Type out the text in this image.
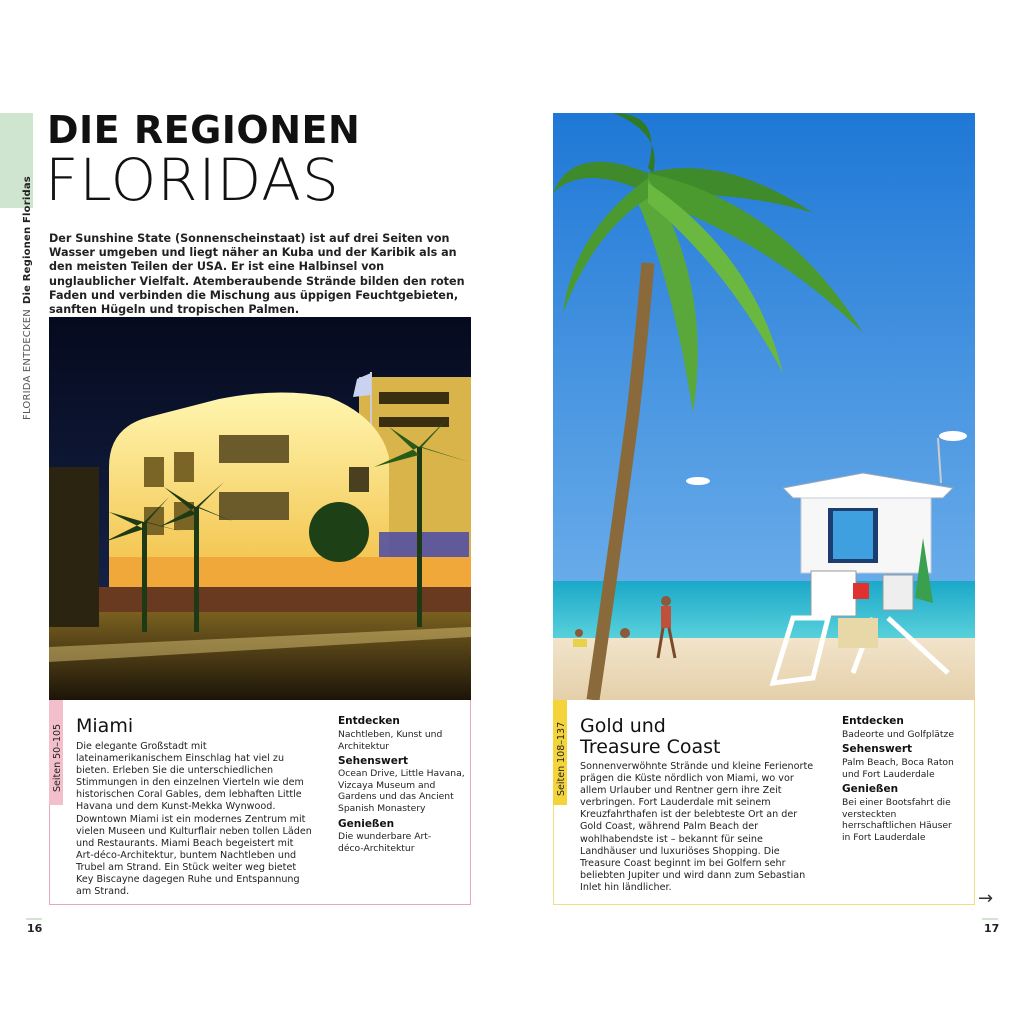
FLORIDA ENTDECKENDie Regionen Floridas
DIE REGIONEN
FLORIDAS
Der Sunshine State (Sonnenscheinstaat) ist auf drei Seiten von Wasser umgeben und liegt näher an Kuba und der Karibik als an den meisten Teilen der USA. Er ist eine Halbinsel von unglaublicher Vielfalt. Atemberaubende Strände bilden den roten Faden und verbinden die Mischung aus üppigen Feuchtgebieten, sanften Hügeln und tropischen Palmen.
Seiten 50–105 Miami
Die elegante Großstadt mit lateinamerikanischem Einschlag hat viel zu bieten. Erleben Sie die unterschiedlichen Stimmungen in den einzelnen Vierteln wie dem historischen Coral Gables, dem lebhaften Little Havana und dem Kunst-Mekka Wynwood. Downtown Miami ist ein modernes Zentrum mit vielen Museen und Kulturflair neben tollen Läden und Restaurants. Miami Beach begeistert mit Art-déco-Architektur, buntem Nachtleben und Trubel am Strand. Ein Stück weiter weg bietet Key Biscayne dagegen Ruhe und Entspannung am Strand.
Entdecken
Nachtleben, Kunst und Architektur
Sehenswert
Ocean Drive, Little Havana, Vizcaya Museum and Gardens und das Ancient Spanish Monastery
Genießen
Die wunderbare Art-déco-Architektur
16
Seiten 108–137 Gold und
Treasure Coast
Sonnenverwöhnte Strände und kleine Ferienorte prägen die Küste nördlich von Miami, wo vor allem Urlauber und Rentner gern ihre Zeit verbringen. Fort Lauderdale mit seinem Kreuzfahrthafen ist der belebteste Ort an der Gold Coast, während Palm Beach der wohlhabendste ist – bekannt für seine Landhäuser und luxuriöses Shopping. Die Treasure Coast beginnt im bei Golfern sehr beliebten Jupiter und wird dann zum Sebastian Inlet hin ländlicher.
Entdecken
Badeorte und Golfplätze
Sehenswert
Palm Beach, Boca Raton und Fort Lauderdale
Genießen
Bei einer Bootsfahrt die versteckten herrschaftlichen Häuser in Fort Lauderdale
→
17
